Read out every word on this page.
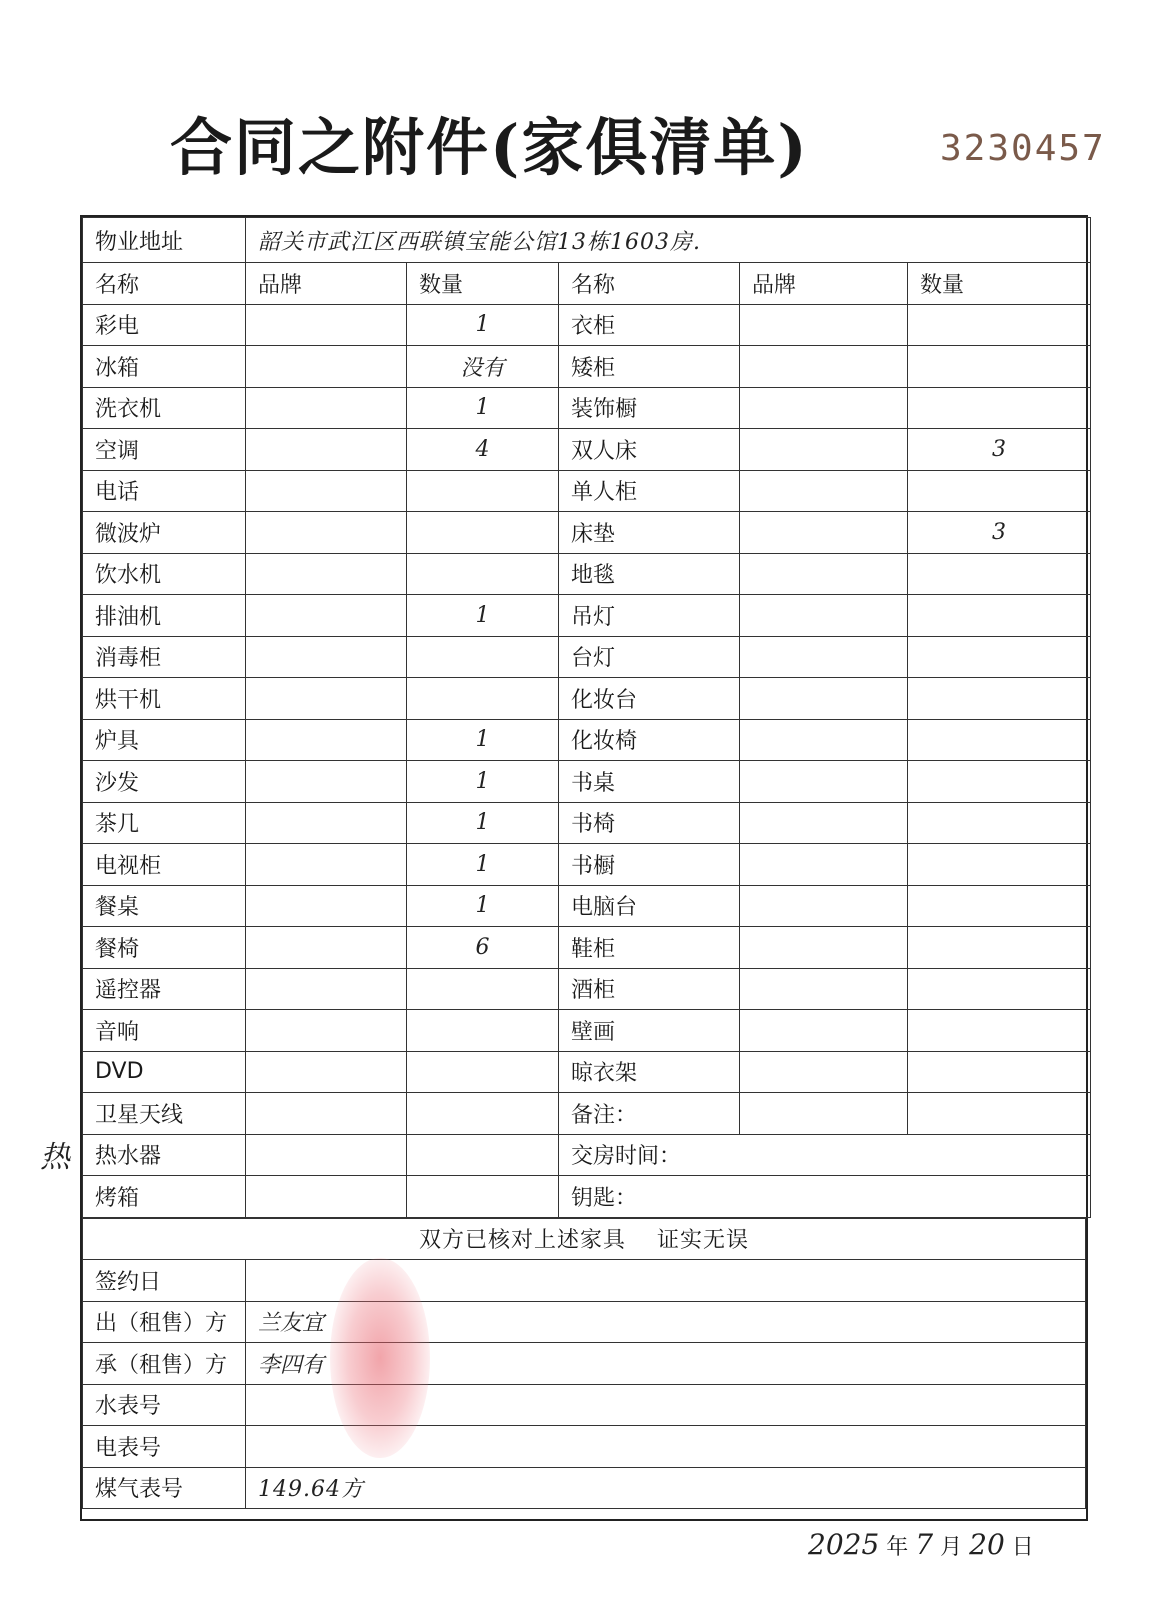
合同之附件(家俱清单)	3230457
物业地址	韶关市武江区西联镇宝能公馆13栋1603房.				
名称	品牌	数量	名称	品牌	数量
彩电		1	衣柜		
冰箱		没有	矮柜		
洗衣机		1	装饰橱		
空调		4	双人床		3
电话			单人柜		
微波炉			床垫		3
饮水机			地毯		
排油机		1	吊灯		
消毒柜			台灯		
烘干机			化妆台		
炉具		1	化妆椅		
沙发		1	书桌		
茶几		1	书椅		
电视柜		1	书橱		
餐桌		1	电脑台		
餐椅		6	鞋柜		
遥控器			酒柜		
音响			壁画		
DVD			晾衣架		
卫星天线			备注：		
热水器			交房时间：		
烤箱			钥匙：		
双方已核对上述家具　 证实无误	
签约日	
出（租售）方	兰友宜
承（租售）方	李四有
水表号	
电表号	
煤气表号	149.64方
热
2025 年 7 月 20 日
